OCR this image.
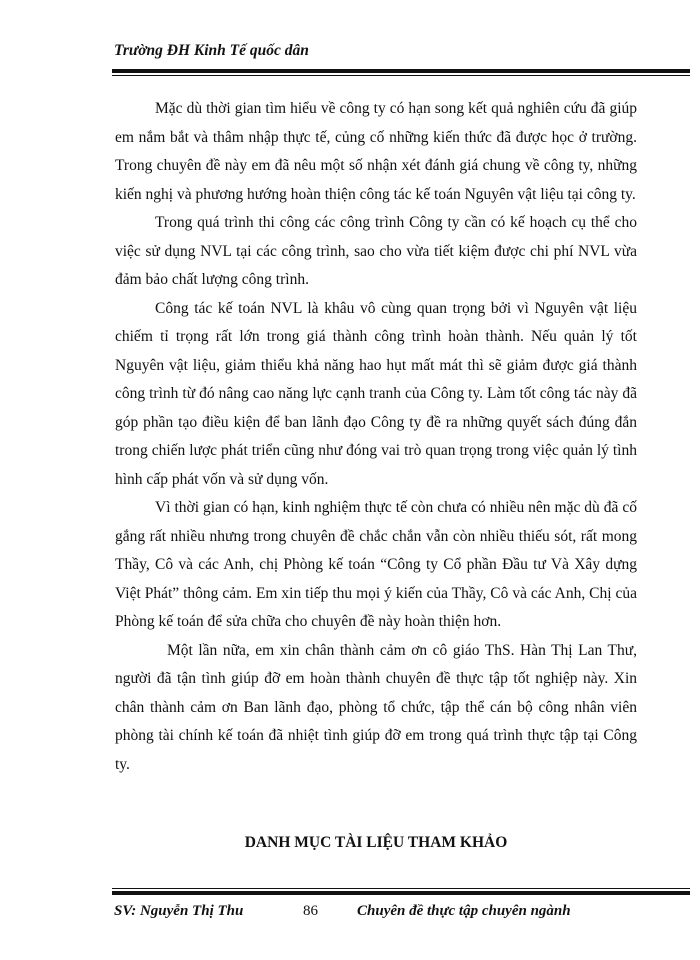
Trường ĐH Kinh Tế quốc dân

Mặc dù thời gian tìm hiểu về công ty có hạn song kết quả nghiên cứu đã giúp em nắm bắt và thâm nhập thực tế, củng cố những kiến thức đã được học ở trường. Trong chuyên đề này em đã nêu một số nhận xét đánh giá chung về công ty, những kiến nghị và phương hướng hoàn thiện công tác kế toán Nguyên vật liệu tại công ty.

Trong quá trình thi công các công trình Công ty cần có kế hoạch cụ thể cho việc sử dụng NVL tại các công trình, sao cho vừa tiết kiệm được chi phí NVL vừa đảm bảo chất lượng công trình.

Công tác kế toán NVL là khâu vô cùng quan trọng bởi vì Nguyên vật liệu chiếm tỉ trọng rất lớn trong giá thành công trình hoàn thành. Nếu quản lý tốt Nguyên vật liệu, giảm thiểu khả năng hao hụt mất mát thì sẽ giảm được giá thành công trình từ đó nâng cao năng lực cạnh tranh của Công ty. Làm tốt công tác này đã góp phần tạo điều kiện để ban lãnh đạo Công ty đề ra những quyết sách đúng đắn trong chiến lược phát triển cũng như đóng vai trò quan trọng trong việc quản lý tình hình cấp phát vốn và sử dụng vốn.

Vì thời gian có hạn, kinh nghiệm thực tế còn chưa có nhiều nên mặc dù đã cố gắng rất nhiều nhưng trong chuyên đề chắc chắn vẫn còn nhiều thiếu sót, rất mong Thầy, Cô và các Anh, chị Phòng kế toán “Công ty Cổ phần Đầu tư Và Xây dựng Việt Phát” thông cảm. Em xin tiếp thu mọi ý kiến của Thầy, Cô và các Anh, Chị của Phòng kế toán để sửa chữa cho chuyên đề này hoàn thiện hơn.

Một lần nữa, em xin chân thành cảm ơn cô giáo ThS. Hàn Thị Lan Thư, người đã tận tình giúp đỡ em hoàn thành chuyên đề thực tập tốt nghiệp này. Xin chân thành cảm ơn Ban lãnh đạo, phòng tổ chức, tập thể cán bộ công nhân viên phòng tài chính kế toán đã nhiệt tình giúp đỡ em trong quá trình thực tập tại Công ty.

DANH MỤC TÀI LIỆU THAM KHẢO
SV: Nguyễn Thị Thu	86	Chuyên đề thực tập chuyên ngành
